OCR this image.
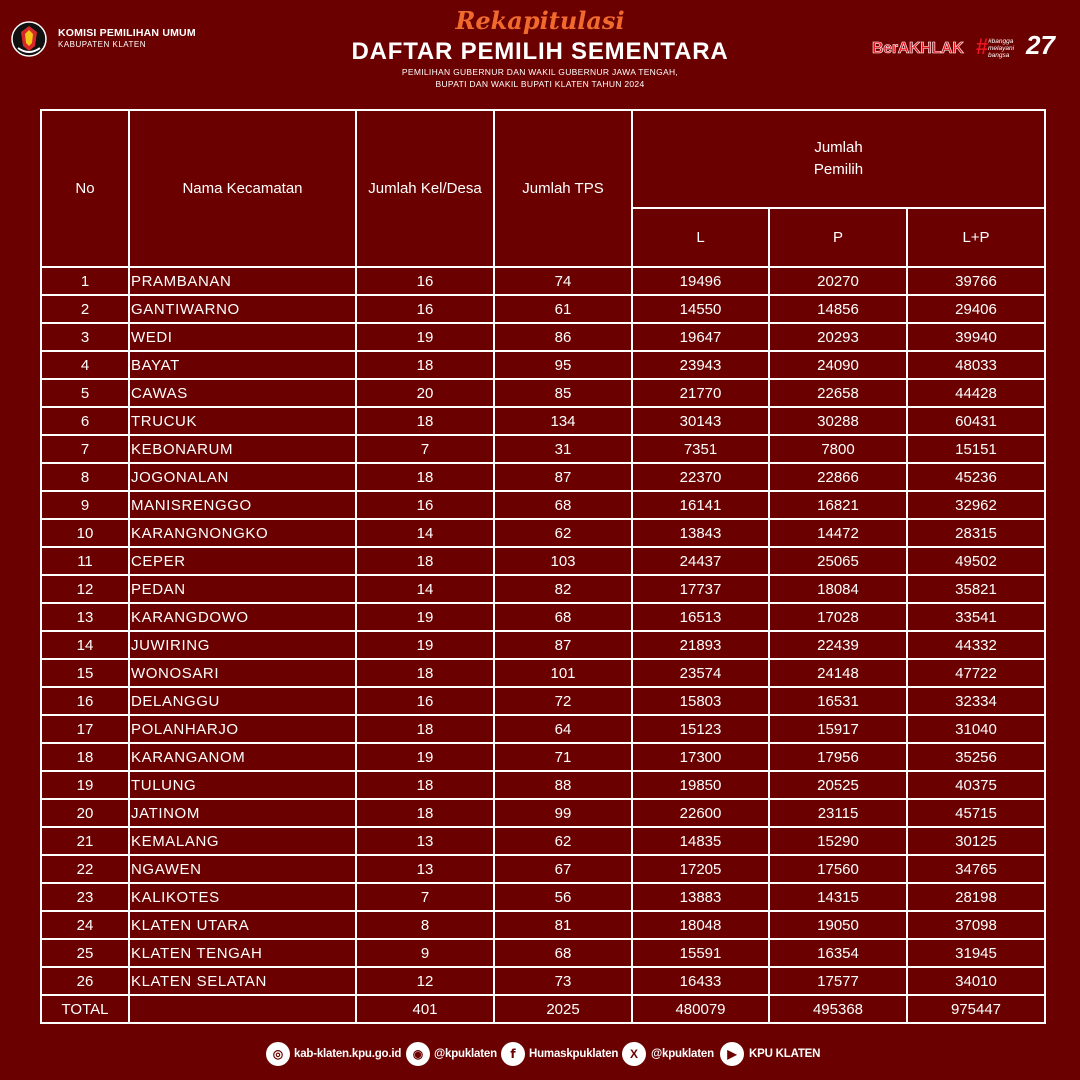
KOMISI PEMILIHAN UMUM
KABUPATEN KLATEN
Rekapitulasi
DAFTAR PEMILIH SEMENTARA
PEMILIHAN GUBERNUR DAN WAKIL GUBERNUR JAWA TENGAH,
BUPATI DAN WAKIL BUPATI KLATEN TAHUN 2024
BerAKHLAK # #bangga melayani bangsa 27
No	Nama Kecamatan	Jumlah Kel/Desa	Jumlah TPS	Jumlah
Pemilih		
				L	P	L+P
1	PRAMBANAN	16	74	19496	20270	39766
2	GANTIWARNO	16	61	14550	14856	29406
3	WEDI	19	86	19647	20293	39940
4	BAYAT	18	95	23943	24090	48033
5	CAWAS	20	85	21770	22658	44428
6	TRUCUK	18	134	30143	30288	60431
7	KEBONARUM	7	31	7351	7800	15151
8	JOGONALAN	18	87	22370	22866	45236
9	MANISRENGGO	16	68	16141	16821	32962
10	KARANGNONGKO	14	62	13843	14472	28315
11	CEPER	18	103	24437	25065	49502
12	PEDAN	14	82	17737	18084	35821
13	KARANGDOWO	19	68	16513	17028	33541
14	JUWIRING	19	87	21893	22439	44332
15	WONOSARI	18	101	23574	24148	47722
16	DELANGGU	16	72	15803	16531	32334
17	POLANHARJO	18	64	15123	15917	31040
18	KARANGANOM	19	71	17300	17956	35256
19	TULUNG	18	88	19850	20525	40375
20	JATINOM	18	99	22600	23115	45715
21	KEMALANG	13	62	14835	15290	30125
22	NGAWEN	13	67	17205	17560	34765
23	KALIKOTES	7	56	13883	14315	28198
24	KLATEN UTARA	8	81	18048	19050	37098
25	KLATEN TENGAH	9	68	15591	16354	31945
26	KLATEN SELATAN	12	73	16433	17577	34010
TOTAL		401	2025	480079	495368	975447
◎ kab-klaten.kpu.go.id ◉ @kpuklaten	f	Humaskpuklaten X	@kpuklaten	▶	KPU KLATEN
